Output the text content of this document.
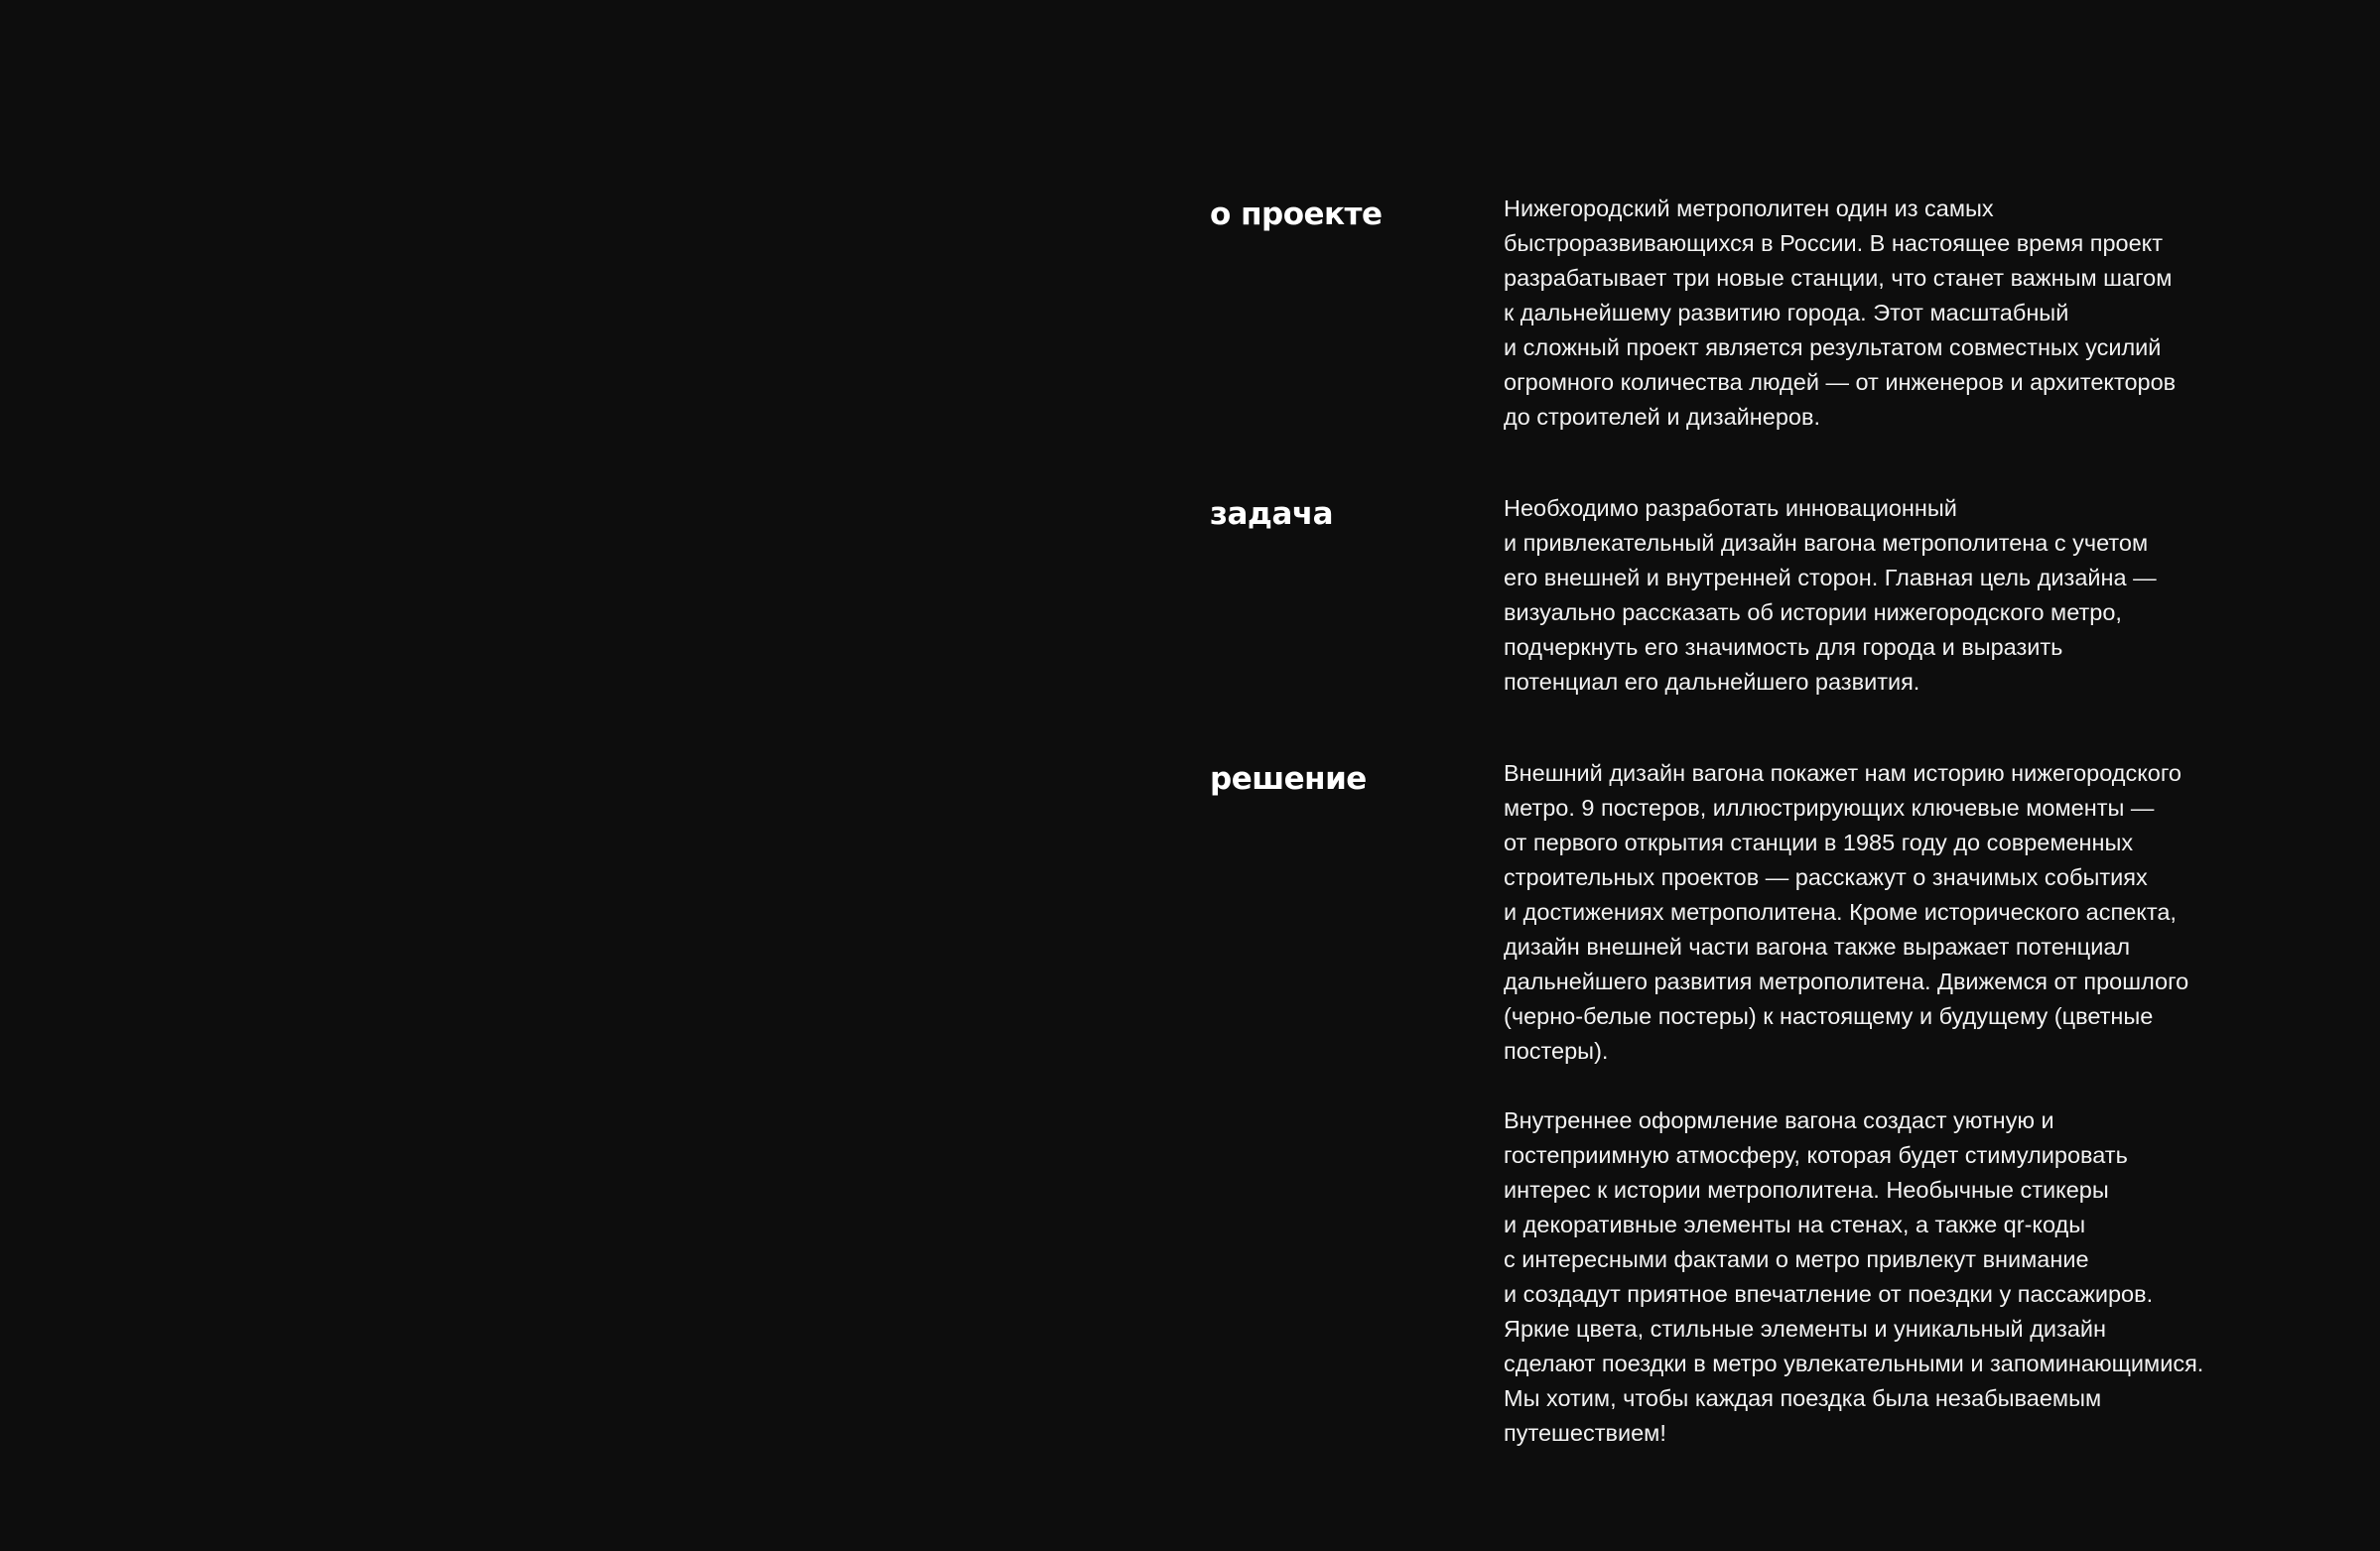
о проекте	Нижегородский метрополитен один из самых
быстроразвивающихся в России. В настоящее время проект
разрабатывает три новые станции, что станет важным шагом
к дальнейшему развитию города. Этот масштабный
и сложный проект является результатом совместных усилий
огромного количества людей — от инженеров и архитекторов
до строителей и дизайнеров.
задача	Необходимо разработать инновационный
и привлекательный дизайн вагона метрополитена с учетом
его внешней и внутренней сторон. Главная цель дизайна —
визуально рассказать об истории нижегородского метро,
подчеркнуть его значимость для города и выразить
потенциал его дальнейшего развития.
решение	Внешний дизайн вагона покажет нам историю нижегородского
метро. 9 постеров, иллюстрирующих ключевые моменты —
от первого открытия станции в 1985 году до современных
строительных проектов — расскажут о значимых событиях
и достижениях метрополитена. Кроме исторического аспекта,
дизайн внешней части вагона также выражает потенциал
дальнейшего развития метрополитена. Движемся от прошлого
(черно-белые постеры) к настоящему и будущему (цветные
постеры).
Внутреннее оформление вагона создаст уютную и
гостеприимную атмосферу, которая будет стимулировать
интерес к истории метрополитена. Необычные стикеры
и декоративные элементы на стенах, а также qr-коды
с интересными фактами о метро привлекут внимание
и создадут приятное впечатление от поездки у пассажиров.
Яркие цвета, стильные элементы и уникальный дизайн
сделают поездки в метро увлекательными и запоминающимися.
Мы хотим, чтобы каждая поездка была незабываемым
путешествием!
